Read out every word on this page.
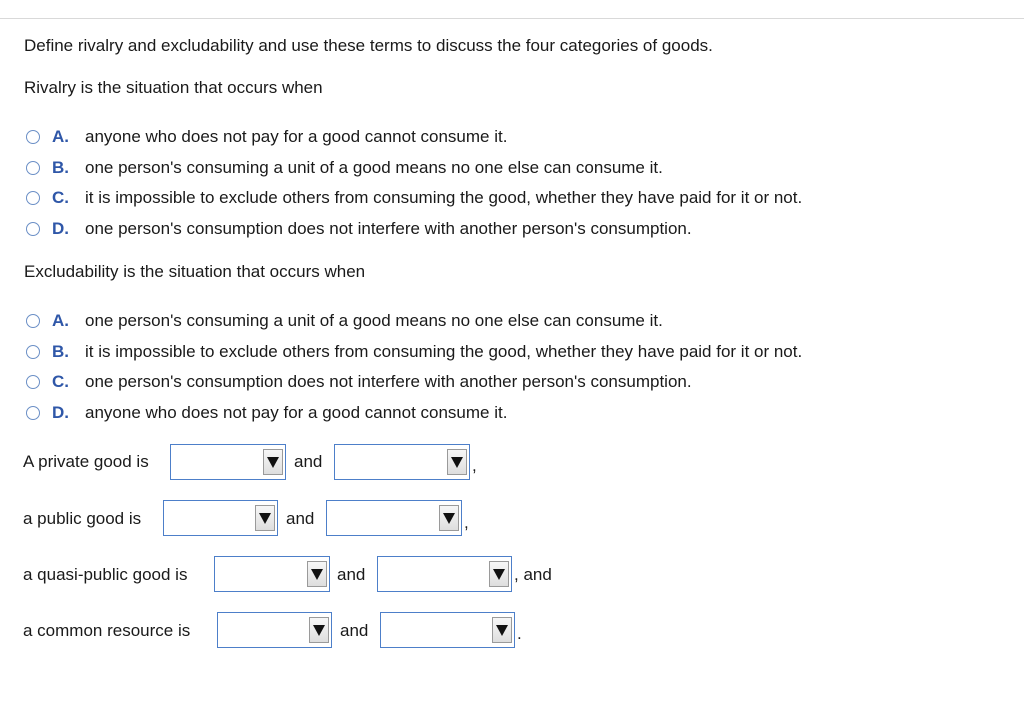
Define rivalry and excludability and use these terms to discuss the four categories of goods.
Rivalry is the situation that occurs when
A. anyone who does not pay for a good cannot consume it.
B. one person's consuming a unit of a good means no one else can consume it.
C. it is impossible to exclude others from consuming the good, whether they have paid for it or not.
D. one person's consumption does not interfere with another person's consumption.
Excludability is the situation that occurs when
A. one person's consuming a unit of a good means no one else can consume it.
B. it is impossible to exclude others from consuming the good, whether they have paid for it or not.
C. one person's consumption does not interfere with another person's consumption.
D. anyone who does not pay for a good cannot consume it.
A private good is	and	,
a public good is	and	,
a quasi-public good is	and	, and
a common resource is	and	.
